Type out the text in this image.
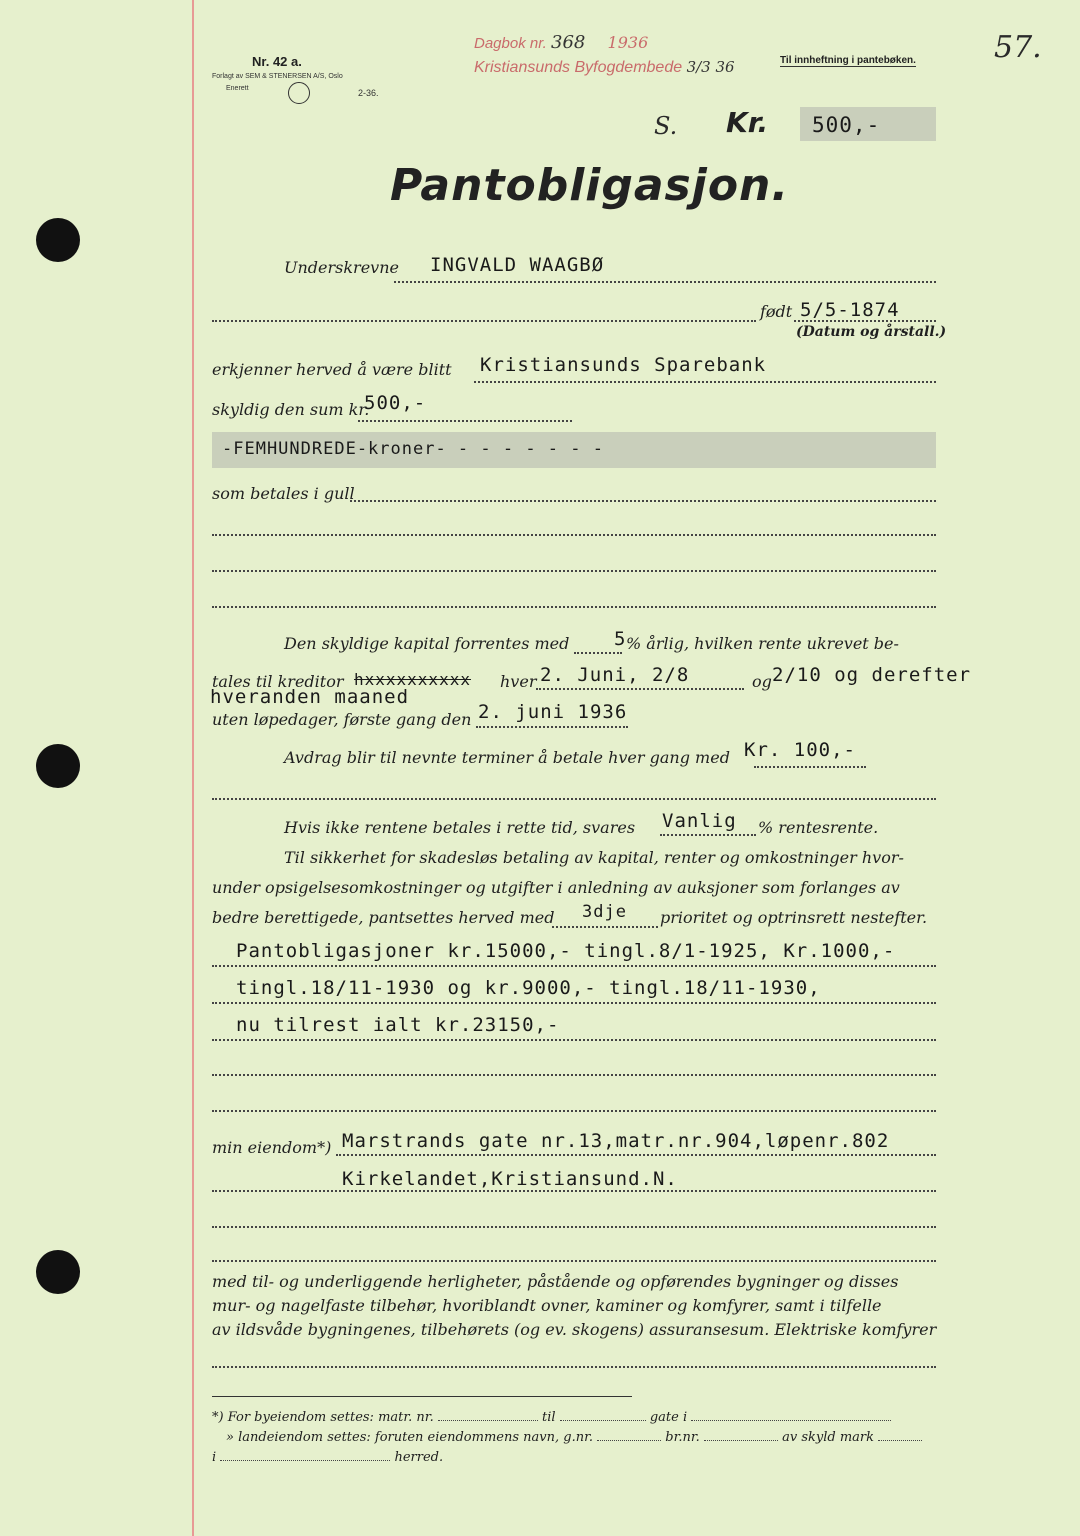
Nr. 42 a.
Forlagt av SEM & STENERSEN A/S, Oslo
Enerett	2-36.
Dagbok nr. 368 1936
Kristiansunds Byfogdembede 3/3 36	Til innheftning i pantebøken.	57.
S. Kr. 500,-
Pantobligasjon.
Underskrevne INGVALD WAAGBØ
født 5/5-1874
(Datum og årstall.)
erkjenner herved å være blitt Kristiansunds Sparebank
skyldig den sum kr.
500,-
-FEMHUNDREDE-kroner- - - - - - - -
som betales i gull
Den skyldige kapital forrentes med 5 % årlig, hvilken rente ukrevet be-
tales til kreditor hxxxxxxxxxx hver 2. Juni, 2/8	og 2/10 og derefter
hveranden maaned
uten løpedager, første gang den 2. juni 1936
Avdrag blir til nevnte terminer å betale hver gang med Kr. 100,-
Hvis ikke rentene betales i rette tid, svares Vanlig % rentesrente.
Til sikkerhet for skadesløs betaling av kapital, renter og omkostninger hvor-
under opsigelsesomkostninger og utgifter i anledning av auksjoner som forlanges av
bedre berettigede, pantsettes herved med 3dje prioritet og optrinsrett nestefter.
Pantobligasjoner kr.15000,- tingl.8/1-1925, Kr.1000,-
tingl.18/11-1930 og kr.9000,- tingl.18/11-1930,
nu tilrest ialt kr.23150,-
min eiendom*) Marstrands gate nr.13,matr.nr.904,løpenr.802
Kirkelandet,Kristiansund.N.
med til- og underliggende herligheter, påstående og opførendes bygninger og disses
mur- og nagelfaste tilbehør, hvoriblandt ovner, kaminer og komfyrer, samt i tilfelle
av ildsvåde bygningenes, tilbehørets (og ev. skogens) assuransesum. Elektriske komfyrer
*) For byeiendom settes: matr. nr.	til	gate i
» landeiendom settes: foruten eiendommens navn, g.nr.	br.nr.	av skyld mark
i	herred.
